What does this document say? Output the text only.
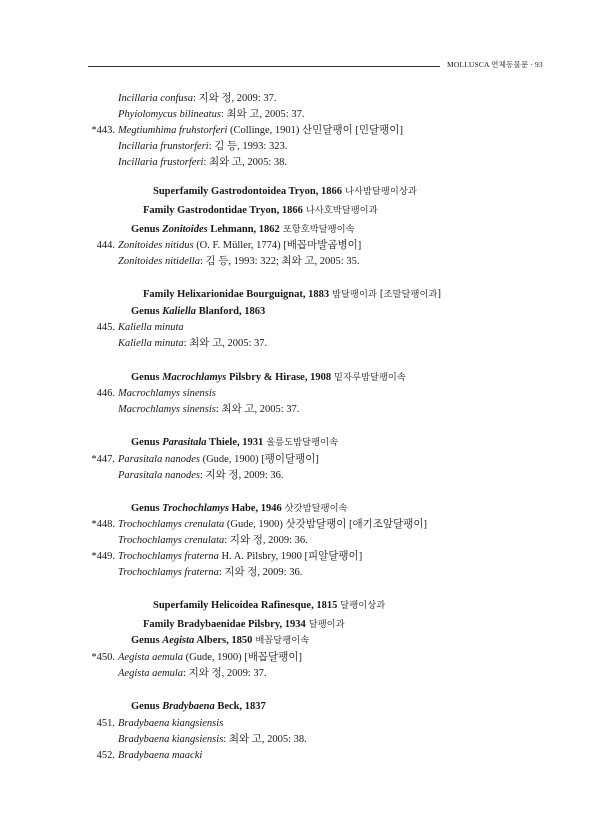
MOLLUSCA 연체동물문 · 93
Incillaria confusa: 지와 정, 2009: 37.
Phyiolomycus bilineatus: 최와 고, 2005: 37.
*443. Megtiumhima fruhstorferi (Collinge, 1901) 산민달팽이 [민달팽이]
Incillaria frunstorferi: 김 등, 1993: 323.
Incillaria frustorferi: 최와 고, 2005: 38.
Superfamily Gastrodontoidea Tryon, 1866 나사밤달팽이상과
Family Gastrodontidae Tryon, 1866 나사호박달팽이과
Genus Zonitoides Lehmann, 1862 포항호박달팽이속
444. Zonitoides nitidus (O. F. Müller, 1774) [배꼽마발곱병이]
Zonitoides nitidella: 김 등, 1993: 322; 최와 고, 2005: 35.
Family Helixarionidae Bourguignat, 1883 밤달팽이과 [조말달팽이과]
Genus Kaliella Blanford, 1863
445. Kaliella minuta
Kaliella minuta: 최와 고, 2005: 37.
Genus Macrochlamys Pilsbry & Hirase, 1908 밑자루밤달팽이속
446. Macrochlamys sinensis
Macrochlamys sinensis: 최와 고, 2005: 37.
Genus Parasitala Thiele, 1931 울릉도밤달팽이속
*447. Parasitala nanodes (Gude, 1900) [팽이달팽이]
Parasitala nanodes: 지와 정, 2009: 36.
Genus Trochochlamys Habe, 1946 삿갓밤달팽이속
*448. Trochochlamys crenulata (Gude, 1900) 삿갓밤달팽이 [애기조앞달팽이]
Trochochlamys crenulata: 지와 정, 2009: 36.
*449. Trochochlamys fraterna H. A. Pilsbry, 1900 [피알달팽이]
Trochochlamys fraterna: 지와 정, 2009: 36.
Superfamily Helicoidea Rafinesque, 1815 달팽이상과
Family Bradybaenidae Pilsbry, 1934 달팽이과
Genus Aegista Albers, 1850 배꼽달팽이속
*450. Aegista aemula (Gude, 1900) [배꼽달팽이]
Aegista aemula: 지와 정, 2009: 37.
Genus Bradybaena Beck, 1837
451. Bradybaena kiangsiensis
Bradybaena kiangsiensis: 최와 고, 2005: 38.
452. Bradybaena maacki
